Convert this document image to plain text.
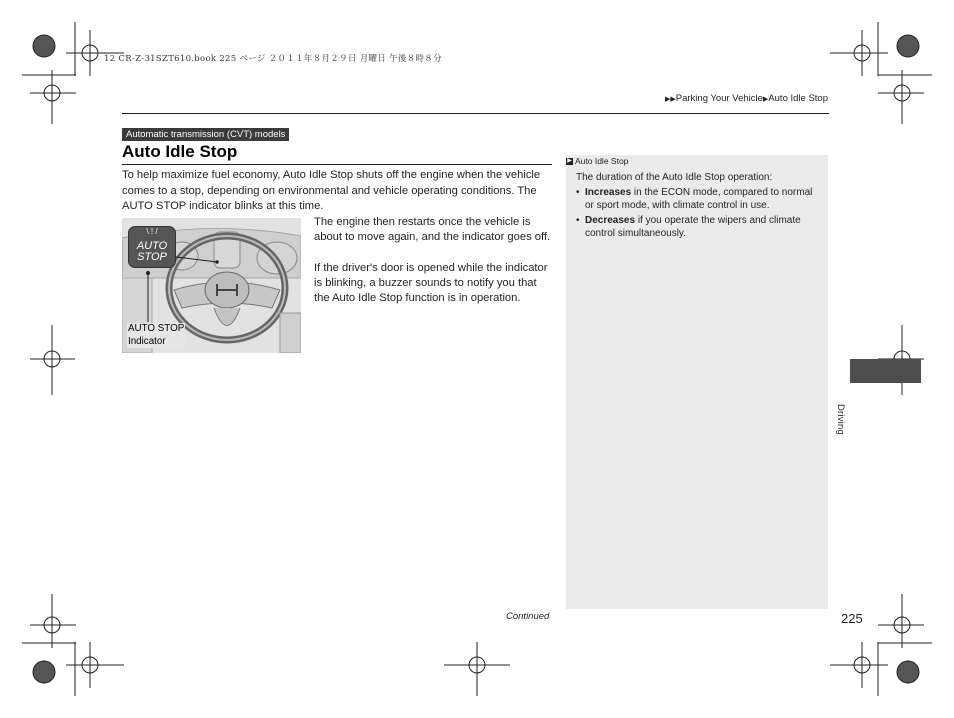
12 CR-Z-31SZT610.book 225 ページ ２０１１年８月２９日 月曜日 午後８時８分
▶▶Parking Your Vehicle▶Auto Idle Stop
Automatic transmission (CVT) models
Auto Idle Stop
To help maximize fuel economy, Auto Idle Stop shuts off the engine when the vehicle comes to a stop, depending on environmental and vehicle operating conditions. The AUTO STOP indicator blinks at this time.
\ ! /
AUTO
STOP
AUTO STOP
Indicator

The engine then restarts once the vehicle is about to move again, and the indicator goes off.

If the driver's door is opened while the indicator is blinking, a buzzer sounds to notify you that the Auto Idle Stop function is in operation.

▶ Auto Idle Stop
The duration of the Auto Idle Stop operation:
• Increases in the ECON mode, compared to normal or sport mode, with climate control in use.
• Decreases if you operate the wipers and climate control simultaneously.
Continued	225
Driving
